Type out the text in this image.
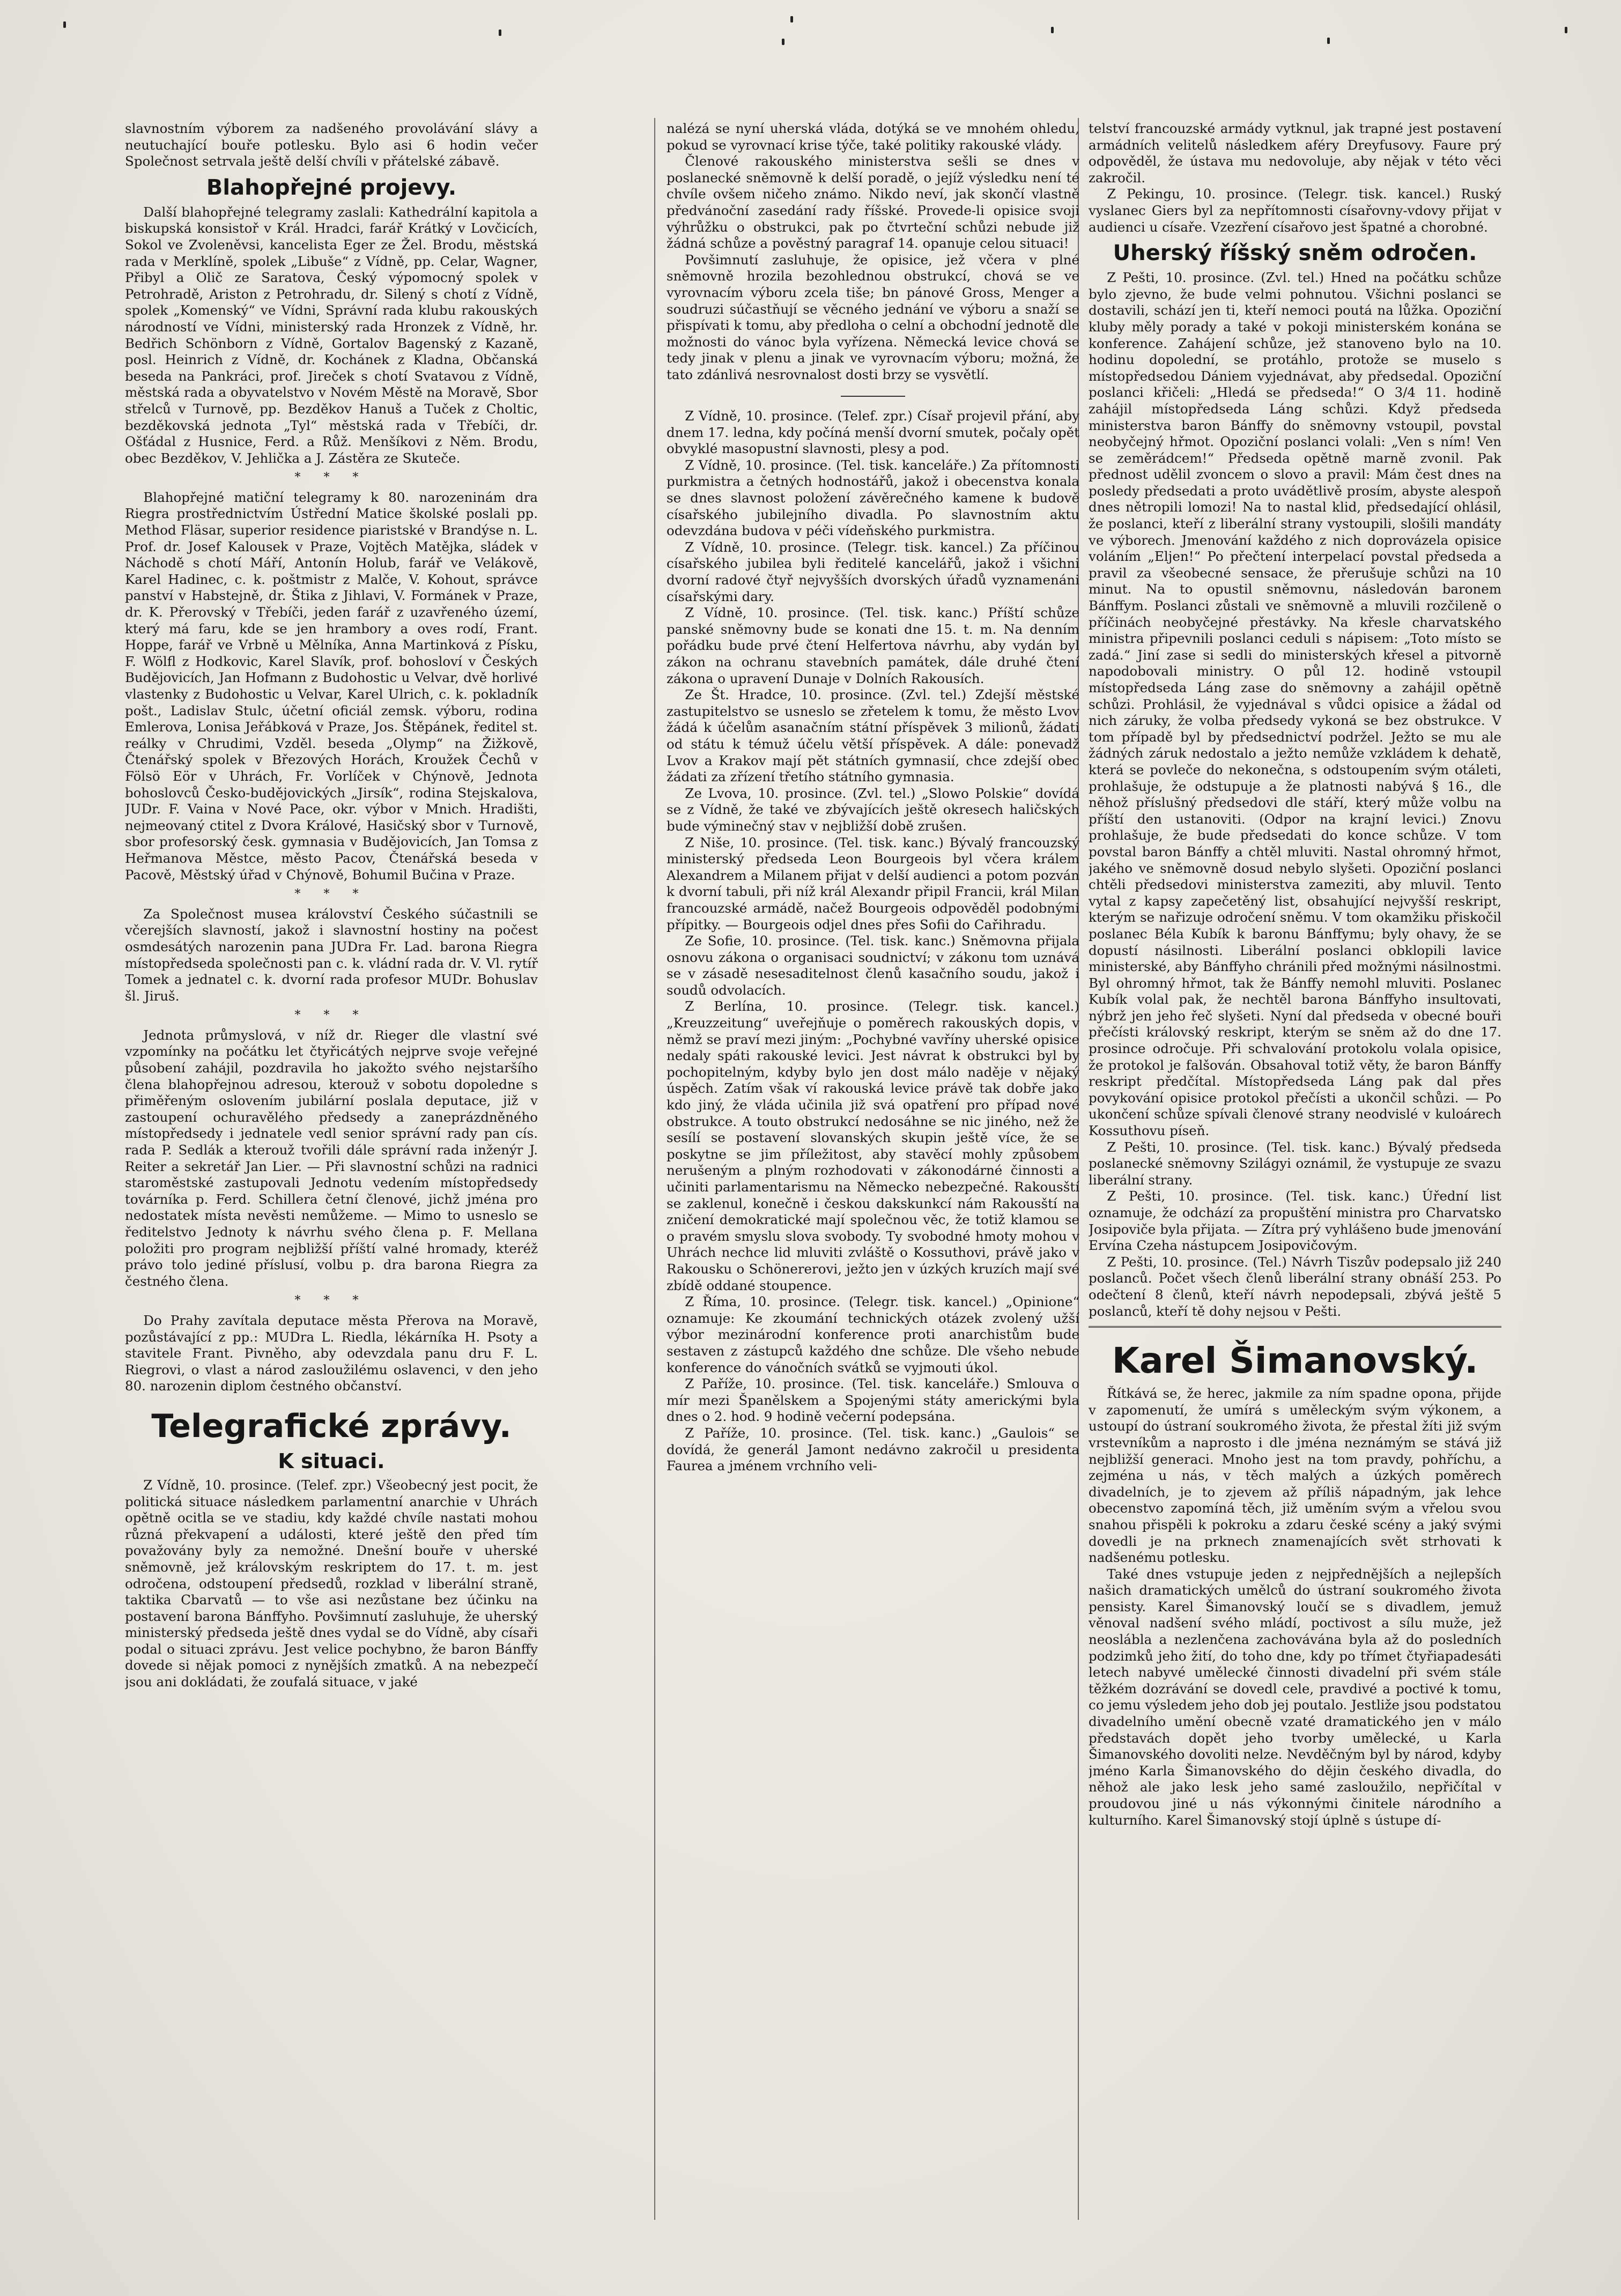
slavnostním výborem za nadšeného provolávání slávy a neutuchající bouře potlesku. Bylo asi 6 hodin večer Společnost setrvala ještě delší chvíli v přátelské zábavě.

Blahopřejné projevy.

Další blahopřejné telegramy zaslali: Kathedrální kapitola a biskupská konsistoř v Král. Hradci, farář Krátký v Lovčicích, Sokol ve Zvoleněvsi, kancelista Eger ze Žel. Brodu, městská rada v Merklíně, spolek „Libuše“ z Vídně, pp. Celar, Wagner, Přibyl a Olič ze Saratova, Český výpomocný spolek v Petrohradě, Ariston z Petrohradu, dr. Silený s chotí z Vídně, spolek „Komenský“ ve Vídni, Správní rada klubu rakouských národností ve Vídni, ministerský rada Hronzek z Vídně, hr. Bedřich Schönborn z Vídně, Gortalov Bagenský z Kazaně, posl. Heinrich z Vídně, dr. Kochánek z Kladna, Občanská beseda na Pankráci, prof. Jireček s chotí Svatavou z Vídně, městská rada a obyvatelstvo v Novém Městě na Moravě, Sbor střelců v Turnově, pp. Bezděkov Hanuš a Tuček z Choltic, bezděkovská jednota „Tyl“ městská rada v Třebíči, dr. Ošťádal z Husnice, Ferd. a Růž. Menšíkovi z Něm. Brodu, obec Bezděkov, V. Jehlička a J. Zástěra ze Skuteče.

* * *

Blahopřejné matiční telegramy k 80. narozeninám dra Riegra prostřednictvím Ústřední Matice školské poslali pp. Method Fläsar, superior residence piaristské v Brandýse n. L. Prof. dr. Josef Kalousek v Praze, Vojtěch Matějka, sládek v Náchodě s chotí Máří, Antonín Holub, farář ve Velákově, Karel Hadinec, c. k. poštmistr z Malče, V. Kohout, správce panství v Habstejně, dr. Štika z Jihlavi, V. Formánek v Praze, dr. K. Přerovský v Třebíči, jeden farář z uzavřeného území, který má faru, kde se jen hrambory a oves rodí, Frant. Hoppe, farář ve Vrbně u Mělníka, Anna Martinková z Písku, F. Wölfl z Hodkovic, Karel Slavík, prof. bohosloví v Českých Budějovicích, Jan Hofmann z Budohostic u Velvar, dvě horlivé vlastenky z Budohostic u Velvar, Karel Ulrich, c. k. pokladník pošt., Ladislav Stulc, účetní oficiál zemsk. výboru, rodina Emlerova, Lonisa Jeřábková v Praze, Jos. Štěpánek, ředitel st. reálky v Chrudimi, Vzděl. beseda „Olymp“ na Žižkově, Čtenářský spolek v Březových Horách, Kroužek Čechů v Fölsö Eör v Uhrách, Fr. Vorlíček v Chýnově, Jednota bohoslovců Česko-budějovických „Jirsík“, rodina Stejskalova, JUDr. F. Vaina v Nové Pace, okr. výbor v Mnich. Hradišti, nejmeovaný ctitel z Dvora Králové, Hasičský sbor v Turnově, sbor profesorský česk. gymnasia v Budějovicích, Jan Tomsa z Heřmanova Městce, město Pacov, Čtenářská beseda v Pacově, Městský úřad v Chýnově, Bohumil Bučina v Praze.

* * *

Za Společnost musea království Českého súčastnili se včerejších slavností, jakož i slavnostní hostiny na počest osmdesátých narozenin pana JUDra Fr. Lad. barona Riegra místopředseda společnosti pan c. k. vládní rada dr. V. Vl. rytíř Tomek a jednatel c. k. dvorní rada profesor MUDr. Bohuslav šl. Jiruš.

* * *

Jednota průmyslová, v níž dr. Rieger dle vlastní své vzpomínky na počátku let čtyřicátých nejprve svoje veřejné působení zahájil, pozdravila ho jakožto svého nejstaršího člena blahopřejnou adresou, kterouž v sobotu dopoledne s přiměřeným oslovením jubilární poslala deputace, již v zastoupení ochuravělého předsedy a zaneprázdněného místopředsedy i jednatele vedl senior správní rady pan cís. rada P. Sedlák a kterouž tvořili dále správní rada inženýr J. Reiter a sekretář Jan Lier. — Při slavnostní schůzi na radnici staroměstské zastupovali Jednotu vedením místopředsedy továrníka p. Ferd. Schillera četní členové, jichž jména pro nedostatek místa nevěsti nemůžeme. — Mimo to usneslo se ředitelstvo Jednoty k návrhu svého člena p. F. Mellana položiti pro program nejbližší příští valné hromady, kteréž právo tolo jediné příslusí, volbu p. dra barona Riegra za čestného člena.

* * *

Do Prahy zavítala deputace města Přerova na Moravě, pozůstávající z pp.: MUDra L. Riedla, lékárníka H. Psoty a stavitele Frant. Pivněho, aby odevzdala panu dru F. L. Riegrovi, o vlast a národ zasloužilému oslavenci, v den jeho 80. narozenin diplom čestného občanství.

Telegrafické zprávy.
K situaci.

Z Vídně, 10. prosince. (Telef. zpr.) Všeobecný jest pocit, že politická situace následkem parlamentní anarchie v Uhrách opětně ocitla se ve stadiu, kdy každé chvíle nastati mohou různá překvapení a události, které ještě den před tím považovány byly za nemožné. Dnešní bouře v uherské sněmovně, jež královským reskriptem do 17. t. m. jest odročena, odstoupení předsedů, rozklad v liberální straně, taktika Cbarvatů — to vše asi nezůstane bez účinku na postavení barona Bánffyho. Povšimnutí zasluhuje, že uherský ministerský předseda ještě dnes vydal se do Vídně, aby císaři podal o situaci zprávu. Jest velice pochybno, že baron Bánffy dovede si nějak pomoci z nynějších zmatků. A na nebezpečí jsou ani dokládati, že zoufalá situace, v jaké

nalézá se nyní uherská vláda, dotýká se ve mnohém ohledu, pokud se vyrovnací krise týče, také politiky rakouské vlády.

Členové rakouského ministerstva sešli se dnes v poslanecké sněmovně k delší poradě, o jejíž výsledku není té chvíle ovšem ničeho známo. Nikdo neví, jak skončí vlastně předvánoční zasedání rady říšské. Provede-li opisice svoji výhrůžku o obstrukci, pak po čtvrteční schůzi nebude již žádná schůze a pověstný paragraf 14. opanuje celou situaci!

Povšimnutí zasluhuje, že opisice, jež včera v plné sněmovně hrozila bezohlednou obstrukcí, chová se ve vyrovnacím výboru zcela tiše; bn pánové Gross, Menger a soudruzi súčastňují se věcného jednání ve výboru a snaží se přispívati k tomu, aby předloha o celní a obchodní jednotě dle možnosti do vánoc byla vyřízena. Německá levice chová se tedy jinak v plenu a jinak ve vyrovnacím výboru; možná, že tato zdánlivá nesrovnalost dosti brzy se vysvětlí.

Z Vídně, 10. prosince. (Telef. zpr.) Císař projevil přání, aby dnem 17. ledna, kdy počíná menší dvorní smutek, počaly opět obvyklé masopustní slavnosti, plesy a pod.

Z Vídně, 10. prosince. (Tel. tisk. kanceláře.) Za přítomnosti purkmistra a četných hodnostářů, jakož i obecenstva konala se dnes slavnost položení závěrečného kamene k budově císařského jubilejního divadla. Po slavnostním aktu odevzdána budova v péči vídeňského purkmistra.

Z Vídně, 10. prosince. (Telegr. tisk. kancel.) Za příčinou císařského jubilea byli ředitelé kancelářů, jakož i všichni dvorní radové čtyř nejvyšších dvorských úřadů vyznamenáni císařskými dary.

Z Vídně, 10. prosince. (Tel. tisk. kanc.) Příští schůze panské sněmovny bude se konati dne 15. t. m. Na denním pořádku bude prvé čtení Helfertova návrhu, aby vydán byl zákon na ochranu stavebních památek, dále druhé čtení zákona o upravení Dunaje v Dolních Rakousích.

Ze Št. Hradce, 10. prosince. (Zvl. tel.) Zdejší městské zastupitelstvo se usneslo se zřetelem k tomu, že město Lvov žádá k účelům asanačním státní příspěvek 3 milionů, žádati od státu k témuž účelu větší příspěvek. A dále: ponevadž Lvov a Krakov mají pět státních gymnasií, chce zdejší obec žádati za zřízení třetího státního gymnasia.

Ze Lvova, 10. prosince. (Zvl. tel.) „Slowo Polskie“ dovídá se z Vídně, že také ve zbývajících ještě okresech haličských bude výminečný stav v nejbližší době zrušen.

Z Niše, 10. prosince. (Tel. tisk. kanc.) Bývalý francouzský ministerský předseda Leon Bourgeois byl včera králem Alexandrem a Milanem přijat v delší audienci a potom pozván k dvorní tabuli, při níž král Alexandr připil Francii, král Milan francouzské armádě, načež Bourgeois odpověděl podobnými přípitky. — Bourgeois odjel dnes přes Sofii do Cařihradu.

Ze Sofie, 10. prosince. (Tel. tisk. kanc.) Sněmovna přijala osnovu zákona o organisaci soudnictví; v zákonu tom uznává se v zásadě nesesaditelnost členů kasačního soudu, jakož i soudů odvolacích.

Z Berlína, 10. prosince. (Telegr. tisk. kancel.) „Kreuzzeitung“ uveřejňuje o poměrech rakouských dopis, v němž se praví mezi jiným: „Pochybné vavříny uherské opisice nedaly spáti rakouské levici. Jest návrat k obstrukci byl by pochopitelným, kdyby bylo jen dost málo naděje v nějaký úspěch. Zatím však ví rakouská levice právě tak dobře jako kdo jiný, že vláda učinila již svá opatření pro případ nové obstrukce. A touto obstrukcí nedosáhne se nic jiného, než že sesílí se postavení slovanských skupin ještě více, že se poskytne se jim příležitost, aby stavěcí mohly způsobem nerušeným a plným rozhodovati v zákonodárné činnosti a učiniti parlamentarismu na Německo nebezpečné. Rakousští se zaklenul, konečně i českou dakskunkcí nám Rakousští na zničení demokratické mají společnou věc, že totiž klamou se o pravém smyslu slova svobody. Ty svobodné hmoty mohou v Uhrách nechce lid mluviti zvláště o Kossuthovi, právě jako v Rakousku o Schönererovi, ježto jen v úzkých kruzích mají své zbídě oddané stoupence.

Z Říma, 10. prosince. (Telegr. tisk. kancel.) „Opinione“ oznamuje: Ke zkoumání technických otázek zvolený užší výbor mezinárodní konference proti anarchistům bude sestaven z zástupců každého dne schůze. Dle všeho nebude konference do vánočních svátků se vyjmouti úkol.

Z Paříže, 10. prosince. (Tel. tisk. kanceláře.) Smlouva o mír mezi Španělskem a Spojenými státy americkými byla dnes o 2. hod. 9 hodině večerní podepsána.

Z Paříže, 10. prosince. (Tel. tisk. kanc.) „Gaulois“ se dovídá, že generál Jamont nedávno zakročil u presidenta Faurea a jménem vrchního veli-

telství francouzské armády vytknul, jak trapné jest postavení armádních velitelů následkem aféry Dreyfusovy. Faure prý odpověděl, že ústava mu nedovoluje, aby nějak v této věci zakročil.

Z Pekingu, 10. prosince. (Telegr. tisk. kancel.) Ruský vyslanec Giers byl za nepřítomnosti císařovny-vdovy přijat v audienci u císaře. Vzezření císařovo jest špatné a chorobné.

Uherský říšský sněm odročen.

Z Pešti, 10. prosince. (Zvl. tel.) Hned na počátku schůze bylo zjevno, že bude velmi pohnutou. Všichni poslanci se dostavili, schází jen ti, kteří nemoci poutá na lůžka. Opoziční kluby měly porady a také v pokoji ministerském konána se konference. Zahájení schůze, jež stanoveno bylo na 10. hodinu dopolední, se protáhlo, protože se muselo s místopředsedou Dániem vyjednávat, aby předsedal. Opoziční poslanci křičeli: „Hledá se předseda!“ O 3/4 11. hodině zahájil místopředseda Láng schůzi. Když předseda ministerstva baron Bánffy do sněmovny vstoupil, povstal neobyčejný hřmot. Opoziční poslanci volali: „Ven s ním! Ven se zeměrádcem!“ Předseda opětně marně zvonil. Pak přednost udělil zvoncem o slovo a pravil: Mám čest dnes na posledy předsedati a proto uvádětlivě prosím, abyste alespoň dnes nětropili lomozi! Na to nastal klid, předsedající ohlásil, že poslanci, kteří z liberální strany vystoupili, slošili mandáty ve výborech. Jmenování každého z nich doprovázela opisice voláním „Eljen!“ Po přečtení interpelací povstal předseda a pravil za všeobecné sensace, že přerušuje schůzi na 10 minut. Na to opustil sněmovnu, následován baronem Bánffym. Poslanci zůstali ve sněmovně a mluvili rozčileně o příčinách neobyčejné přestávky. Na křesle charvatského ministra připevnili poslanci ceduli s nápisem: „Toto místo se zadá.“ Jiní zase si sedli do ministerských křesel a pitvorně napodobovali ministry. O půl 12. hodině vstoupil místopředseda Láng zase do sněmovny a zahájil opětně schůzi. Prohlásil, že vyjednával s vůdci opisice a žádal od nich záruky, že volba předsedy vykoná se bez obstrukce. V tom případě byl by předsednictví podržel. Ježto se mu ale žádných záruk nedostalo a ježto nemůže vzkládem k dehatě, která se povleče do nekonečna, s odstoupením svým otáleti, prohlašuje, že odstupuje a že platnosti nabývá § 16., dle něhož příslušný předsedovi dle stáří, který může volbu na příští den ustanoviti. (Odpor na krajní levici.) Znovu prohlašuje, že bude předsedati do konce schůze. V tom povstal baron Bánffy a chtěl mluviti. Nastal ohromný hřmot, jakého ve sněmovně dosud nebylo slyšeti. Opoziční poslanci chtěli předsedovi ministerstva zameziti, aby mluvil. Tento vytal z kapsy zapečetěný list, obsahující nejvyšší reskript, kterým se nařizuje odročení sněmu. V tom okamžiku přiskočil poslanec Béla Kubík k baronu Bánffymu; byly ohavy, že se dopustí násilnosti. Liberální poslanci obklopili lavice ministerské, aby Bánffyho chránili před možnými násilnostmi. Byl ohromný hřmot, tak že Bánffy nemohl mluviti. Poslanec Kubík volal pak, že nechtěl barona Bánffyho insultovati, nýbrž jen jeho řeč slyšeti. Nyní dal předseda v obecné bouři přečísti královský reskript, kterým se sněm až do dne 17. prosince odročuje. Při schvalování protokolu volala opisice, že protokol je falšován. Obsahoval totiž věty, že baron Bánffy reskript předčítal. Místopředseda Láng pak dal přes povykování opisice protokol přečísti a ukončil schůzi. — Po ukončení schůze spívali členové strany neodvislé v kuloárech Kossuthovu píseň.

Z Pešti, 10. prosince. (Tel. tisk. kanc.) Bývalý předseda poslanecké sněmovny Szilágyi oznámil, že vystupuje ze svazu liberální strany.

Z Pešti, 10. prosince. (Tel. tisk. kanc.) Úřední list oznamuje, že odchází za propuštění ministra pro Charvatsko Josipoviče byla přijata. — Zítra prý vyhlášeno bude jmenování Ervína Czeha nástupcem Josipovičovým.

Z Pešti, 10. prosince. (Tel.) Návrh Tiszův podepsalo již 240 poslanců. Počet všech členů liberální strany obnáší 253. Po odečtení 8 členů, kteří návrh nepodepsali, zbývá ještě 5 poslanců, kteří tě dohy nejsou v Pešti.

Karel Šimanovský.

Řítkává se, že herec, jakmile za ním spadne opona, přijde v zapomenutí, že umírá s uměleckým svým výkonem, a ustoupí do ústraní soukromého života, že přestal žíti již svým vrstevníkům a naprosto i dle jména neznámým se stává již nejbližší generaci. Mnoho jest na tom pravdy, pohříchu, a zejména u nás, v těch malých a úzkých poměrech divadelních, je to zjevem až příliš nápadným, jak lehce obecenstvo zapomíná těch, již uměním svým a vřelou svou snahou přispěli k pokroku a zdaru české scény a jaký svými dovedli je na prknech znamenajících svět strhovati k nadšenému potlesku.

Také dnes vstupuje jeden z nejpřednějších a nejlepších našich dramatických umělců do ústraní soukromého života pensisty. Karel Šimanovský loučí se s divadlem, jemuž věnoval nadšení svého mládí, poctivost a sílu muže, jež neoslábla a nezlenčena zachovávána byla až do posledních podzimků jeho žití, do toho dne, kdy po třímet čtyřiapadesáti letech nabyvé umělecké činnosti divadelní při svém stále těžkém dozrávání se dovedl cele, pravdivé a poctivé k tomu, co jemu výsledem jeho dob jej poutalo. Jestliže jsou podstatou divadelního umění obecně vzaté dramatického jen v málo představách dopět jeho tvorby umělecké, u Karla Šimanovského dovoliti nelze. Nevděčným byl by národ, kdyby jméno Karla Šimanovského do dějin českého divadla, do něhož ale jako lesk jeho samé zasloužilo, nepřičítal v proudovou jiné u nás výkonnými činitele národního a kulturního. Karel Šimanovský stojí úplně s ústupe dí-
